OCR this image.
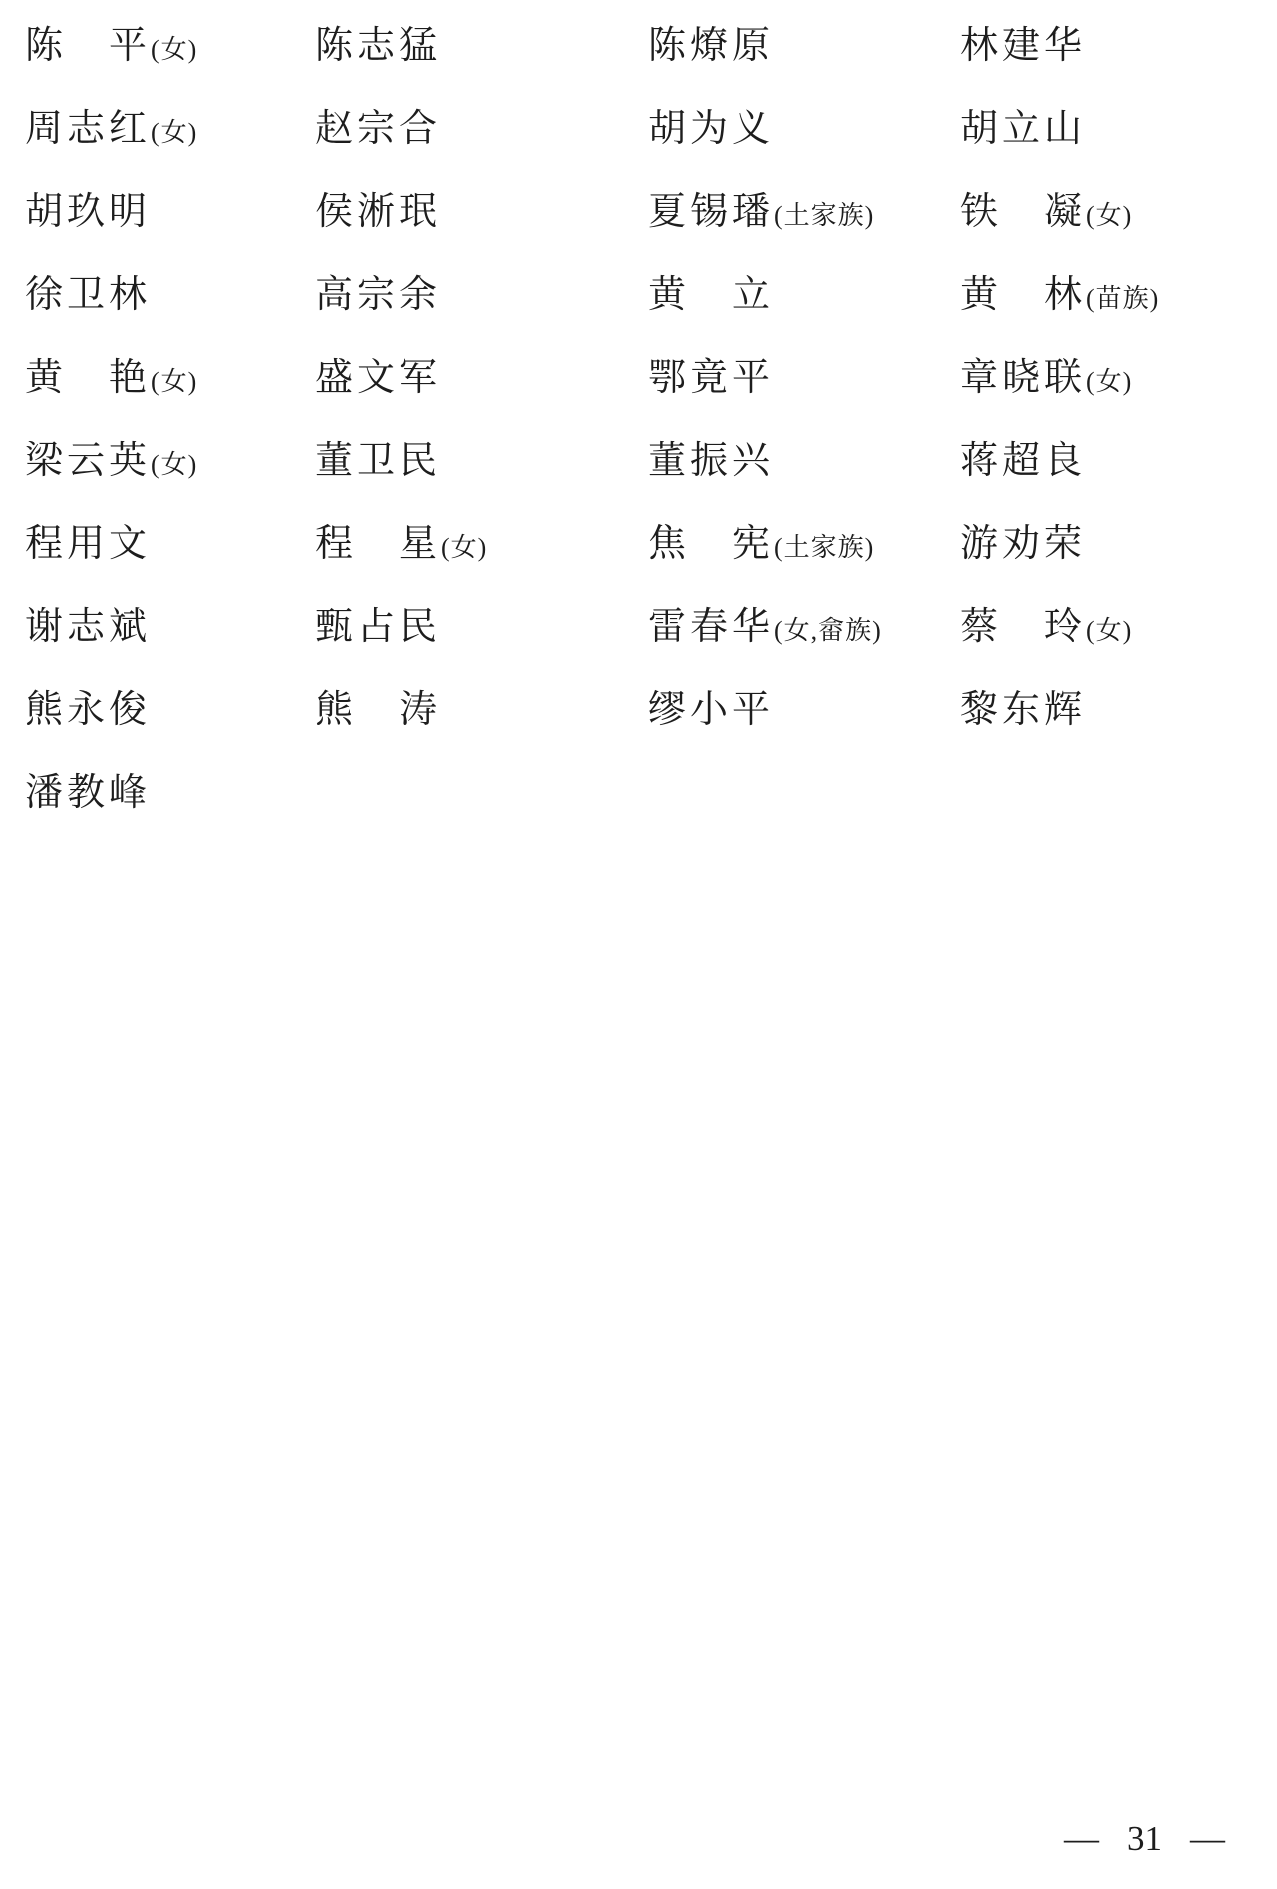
陈　平(女)	陈志猛	陈燎原	林建华
周志红(女)	赵宗合	胡为义	胡立山
胡玖明	侯淅珉	夏锡璠(土家族)	铁　凝(女)
徐卫林	高宗余	黄　立	黄　林(苗族)
黄　艳(女)	盛文军	鄂竟平	章晓联(女)
梁云英(女)	董卫民	董振兴	蒋超良
程用文	程　星(女)	焦　宪(土家族)	游劝荣
谢志斌	甄占民	雷春华(女,畲族)	蔡　玲(女)
熊永俊	熊　涛	缪小平	黎东辉
潘教峰
— 31 —
